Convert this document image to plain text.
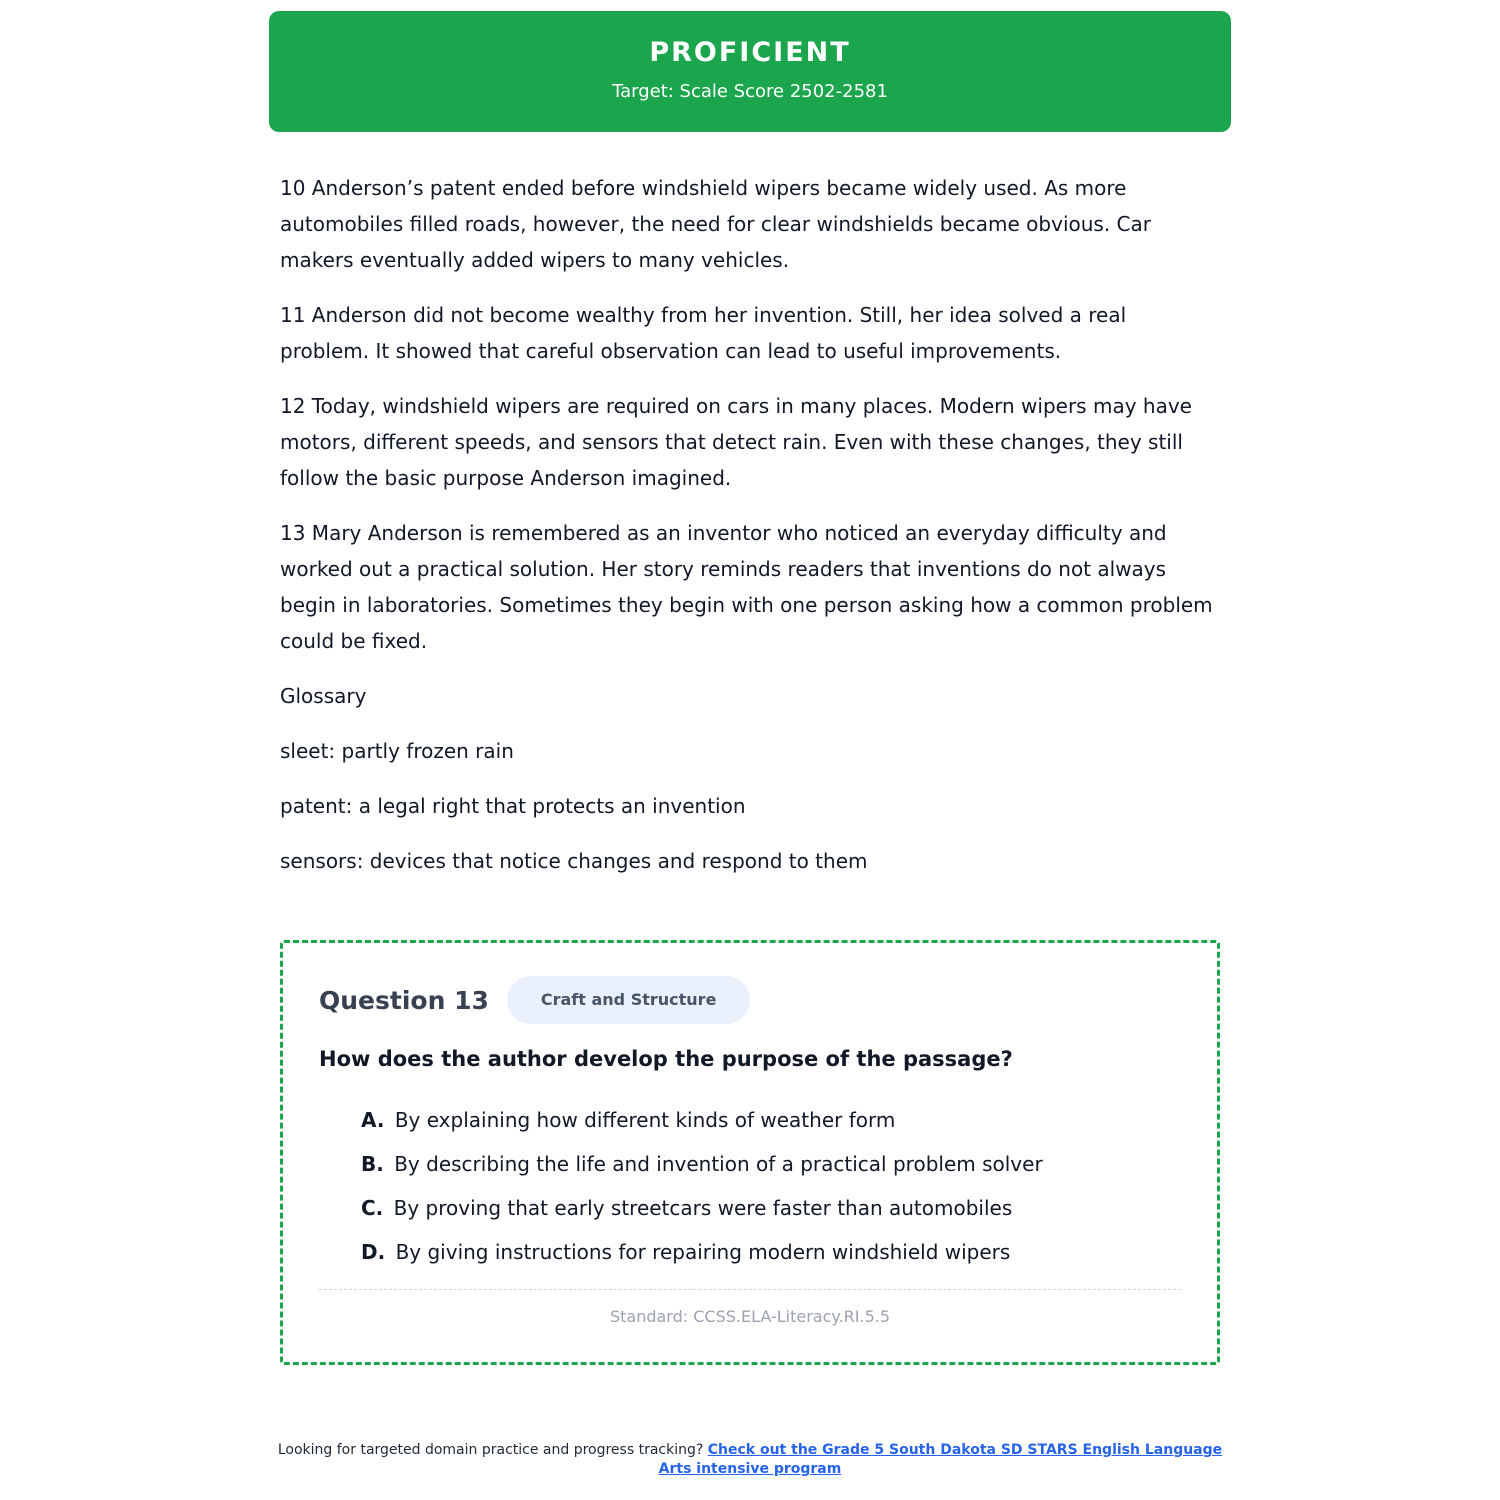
PROFICIENT
Target: Scale Score 2502-2581

10 Anderson’s patent ended before windshield wipers became widely used. As more automobiles filled roads, however, the need for clear windshields became obvious. Car makers eventually added wipers to many vehicles.

11 Anderson did not become wealthy from her invention. Still, her idea solved a real problem. It showed that careful observation can lead to useful improvements.

12 Today, windshield wipers are required on cars in many places. Modern wipers may have motors, different speeds, and sensors that detect rain. Even with these changes, they still follow the basic purpose Anderson imagined.

13 Mary Anderson is remembered as an inventor who noticed an everyday difficulty and worked out a practical solution. Her story reminds readers that inventions do not always begin in laboratories. Sometimes they begin with one person asking how a common problem could be fixed.

Glossary

sleet: partly frozen rain

patent: a legal right that protects an invention

sensors: devices that notice changes and respond to them

Question 13	Craft and Structure
How does the author develop the purpose of the passage?
A. By explaining how different kinds of weather form
B. By describing the life and invention of a practical problem solver
C. By proving that early streetcars were faster than automobiles
D. By giving instructions for repairing modern windshield wipers
Standard: CCSS.ELA-Literacy.RI.5.5
Looking for targeted domain practice and progress tracking? Check out the Grade 5 South Dakota SD STARS English Language Arts intensive program
